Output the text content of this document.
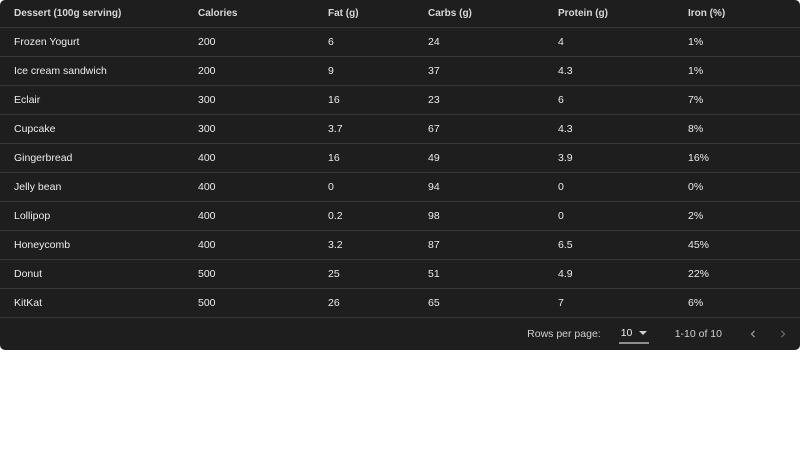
Dessert (100g serving)	Calories	Fat (g)	Carbs (g)	Protein (g)	Iron (%)
Frozen Yogurt	200	6	24	4	1%
Ice cream sandwich	200	9	37	4.3	1%
Eclair	300	16	23	6	7%
Cupcake	300	3.7	67	4.3	8%
Gingerbread	400	16	49	3.9	16%
Jelly bean	400	0	94	0	0%
Lollipop	400	0.2	98	0	2%
Honeycomb	400	3.2	87	6.5	45%
Donut	500	25	51	4.9	22%
KitKat	500	26	65	7	6%
Rows per page: 10	1-10 of 10
